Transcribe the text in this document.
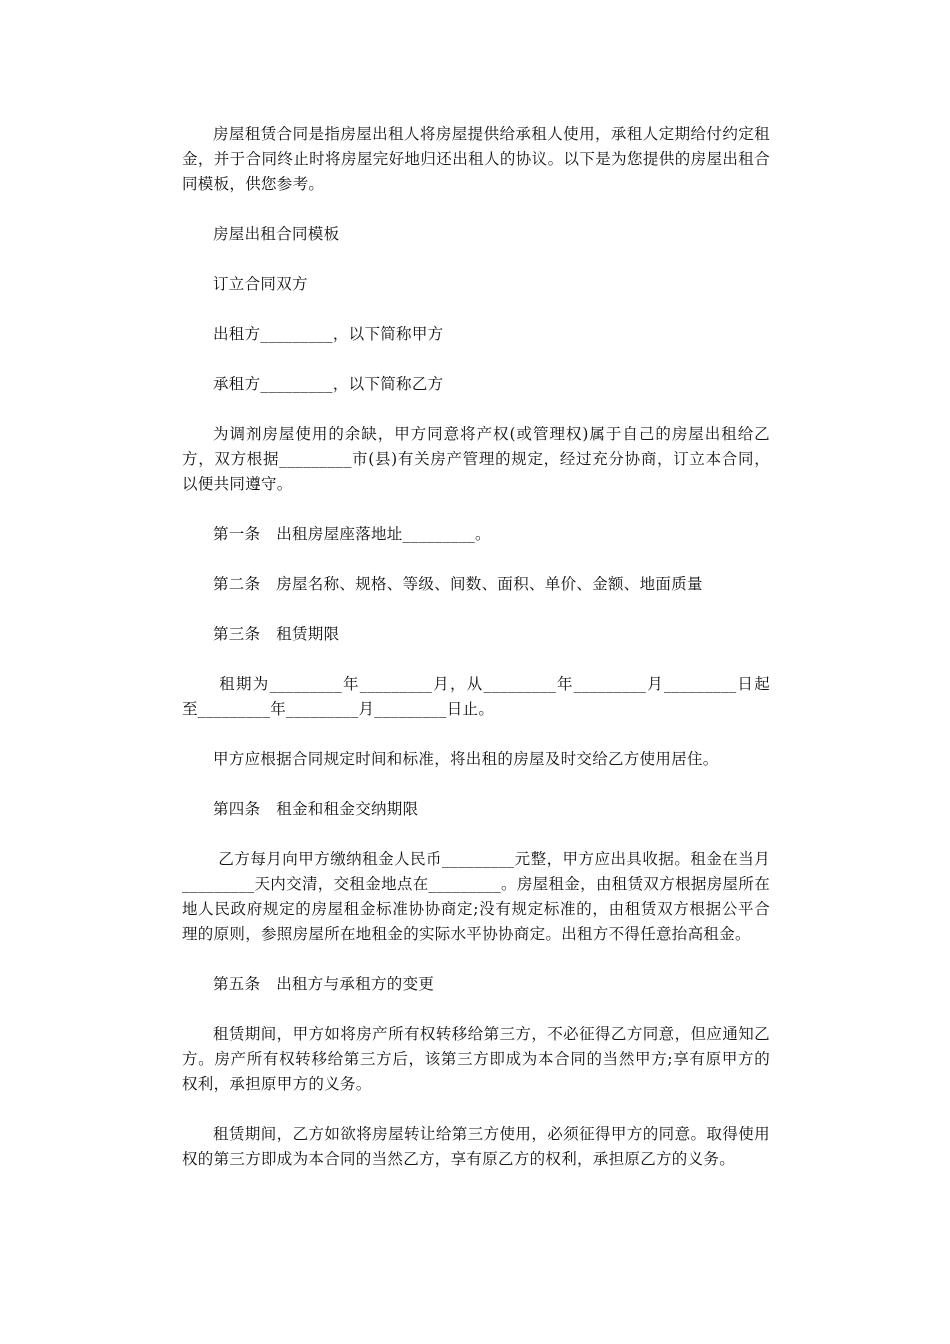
房屋租赁合同是指房屋出租人将房屋提供给承租人使用，承租人定期给付约定租金，并于合同终止时将房屋完好地归还出租人的协议。以下是为您提供的房屋出租合同模板，供您参考。

房屋出租合同模板

订立合同双方

出租方_________，以下简称甲方

承租方_________，以下简称乙方

为调剂房屋使用的余缺，甲方同意将产权(或管理权)属于自己的房屋出租给乙方，双方根据_________市(县)有关房产管理的规定，经过充分协商，订立本合同，以便共同遵守。

第一条　出租房屋座落地址_________。

第二条　房屋名称、规格、等级、间数、面积、单价、金额、地面质量

第三条　租赁期限

租期为_________年_________月，从_________年_________月_________日起至_________年_________月_________日止。

甲方应根据合同规定时间和标准，将出租的房屋及时交给乙方使用居住。

第四条　租金和租金交纳期限

乙方每月向甲方缴纳租金人民币_________元整，甲方应出具收据。租金在当月_________天内交清，交租金地点在_________。房屋租金，由租赁双方根据房屋所在地人民政府规定的房屋租金标准协协商定;没有规定标准的，由租赁双方根据公平合理的原则，参照房屋所在地租金的实际水平协协商定。出租方不得任意抬高租金。

第五条　出租方与承租方的变更

租赁期间，甲方如将房产所有权转移给第三方，不必征得乙方同意，但应通知乙方。房产所有权转移给第三方后，该第三方即成为本合同的当然甲方;享有原甲方的权利，承担原甲方的义务。

租赁期间，乙方如欲将房屋转让给第三方使用，必须征得甲方的同意。取得使用权的第三方即成为本合同的当然乙方，享有原乙方的权利，承担原乙方的义务。
